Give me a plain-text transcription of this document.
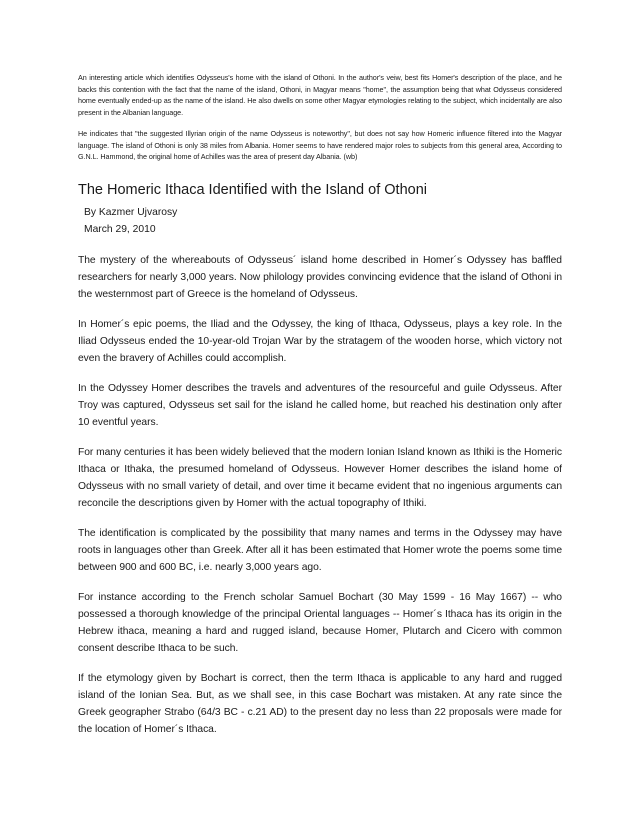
An interesting article which identifies Odysseus's home with the island of Othoni. In the author's veiw, best fits Homer's description of the place, and he backs this contention with the fact that the name of the island, Othoni, in Magyar means "home", the assumption being that what Odysseus considered home eventually ended-up as the name of the island. He also dwells on some other Magyar etymologies relating to the subject, which incidentally are also present in the Albanian language.

He indicates that "the suggested Illyrian origin of the name Odysseus is noteworthy", but does not say how Homeric influence filtered into the Magyar language. The island of Othoni is only 38 miles from Albania. Homer seems to have rendered major roles to subjects from this general area, According to G.N.L. Hammond, the original home of Achilles was the area of present day Albania. (wb)

The Homeric Ithaca Identified with the Island of Othoni
By Kazmer Ujvarosy
March 29, 2010

The mystery of the whereabouts of Odysseus´ island home described in Homer´s Odyssey has baffled researchers for nearly 3,000 years. Now philology provides convincing evidence that the island of Othoni in the westernmost part of Greece is the homeland of Odysseus.

In Homer´s epic poems, the Iliad and the Odyssey, the king of Ithaca, Odysseus, plays a key role. In the Iliad Odysseus ended the 10-year-old Trojan War by the stratagem of the wooden horse, which victory not even the bravery of Achilles could accomplish.

In the Odyssey Homer describes the travels and adventures of the resourceful and guile Odysseus. After Troy was captured, Odysseus set sail for the island he called home, but reached his destination only after 10 eventful years.

For many centuries it has been widely believed that the modern Ionian Island known as Ithiki is the Homeric Ithaca or Ithaka, the presumed homeland of Odysseus. However Homer describes the island home of Odysseus with no small variety of detail, and over time it became evident that no ingenious arguments can reconcile the descriptions given by Homer with the actual topography of Ithiki.

The identification is complicated by the possibility that many names and terms in the Odyssey may have roots in languages other than Greek. After all it has been estimated that Homer wrote the poems some time between 900 and 600 BC, i.e. nearly 3,000 years ago.

For instance according to the French scholar Samuel Bochart (30 May 1599 - 16 May 1667) -- who possessed a thorough knowledge of the principal Oriental languages -- Homer´s Ithaca has its origin in the Hebrew ithaca, meaning a hard and rugged island, because Homer, Plutarch and Cicero with common consent describe Ithaca to be such.

If the etymology given by Bochart is correct, then the term Ithaca is applicable to any hard and rugged island of the Ionian Sea. But, as we shall see, in this case Bochart was mistaken. At any rate since the Greek geographer Strabo (64/3 BC - c.21 AD) to the present day no less than 22 proposals were made for the location of Homer´s Ithaca.
